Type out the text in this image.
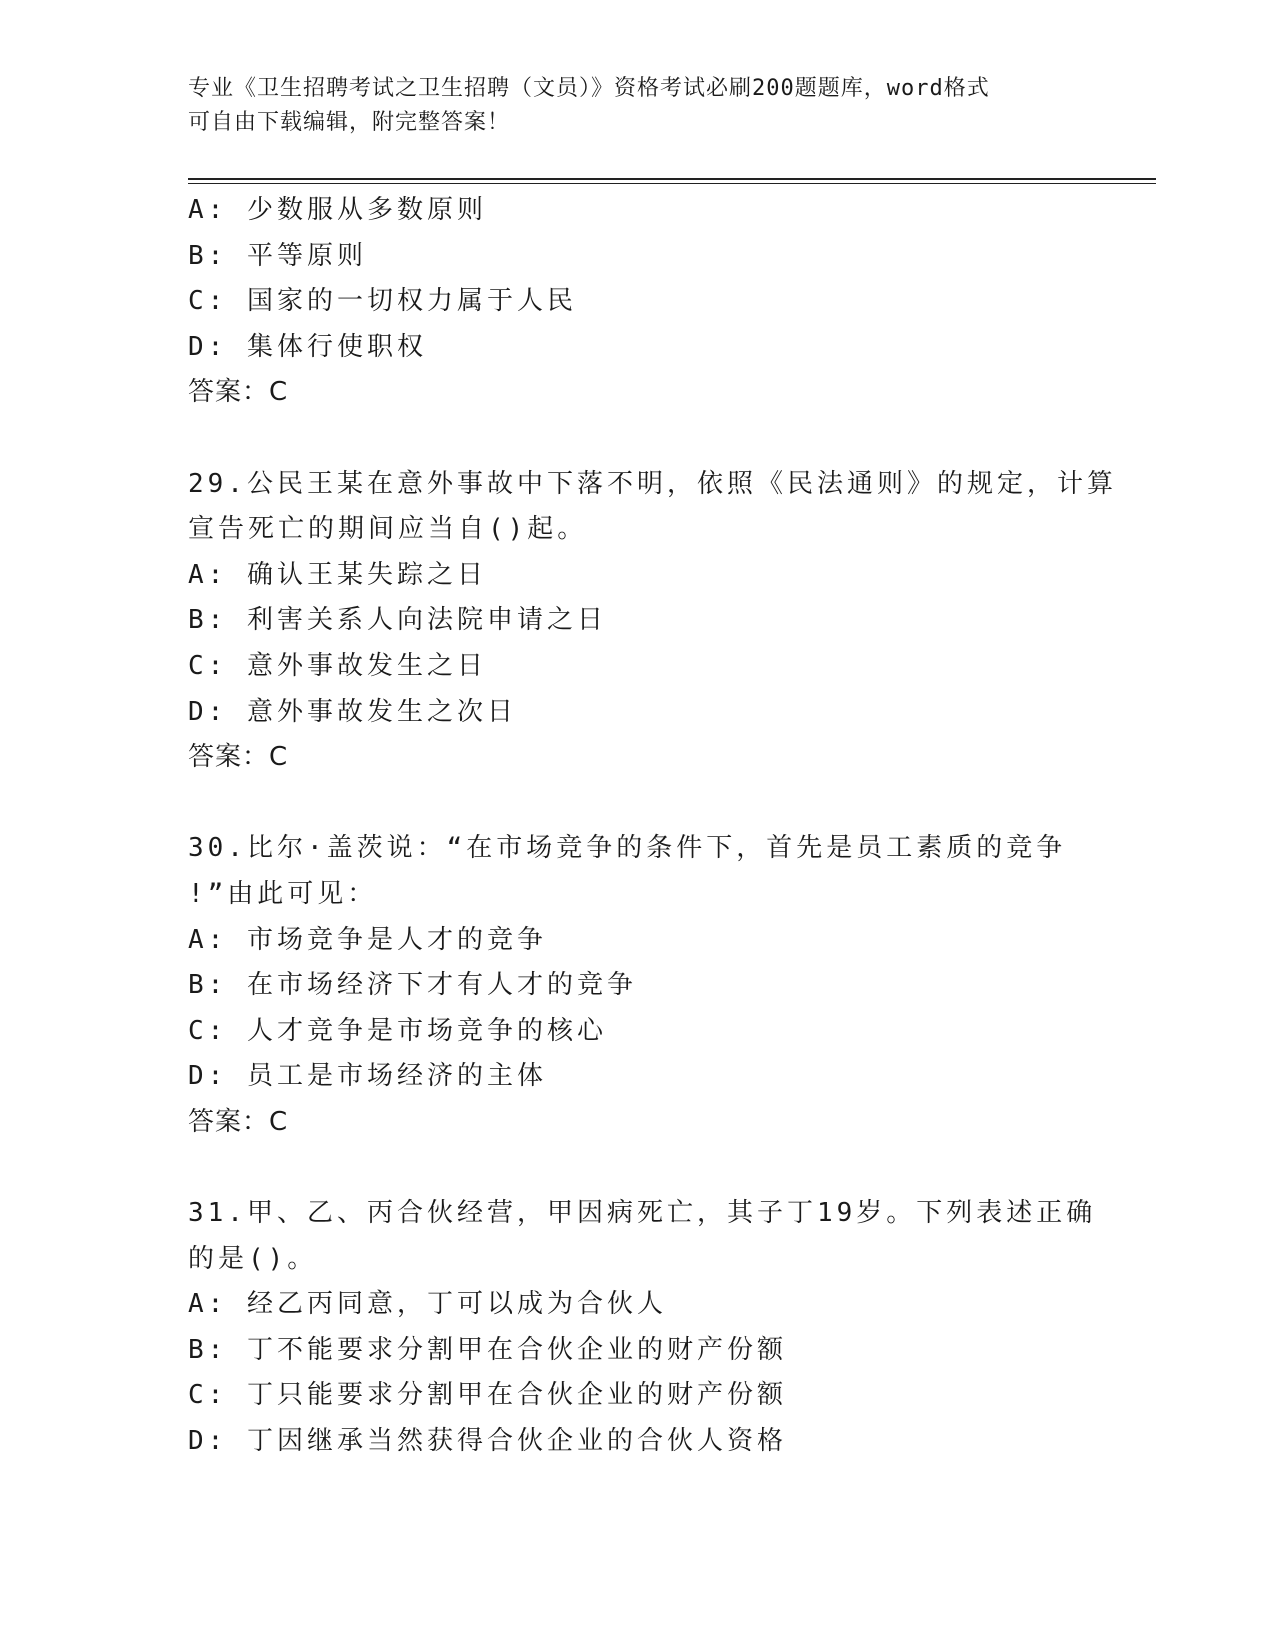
专业《卫生招聘考试之卫生招聘（文员）》资格考试必刷200题题库，word格式
可自由下载编辑，附完整答案！
A: 少数服从多数原则
B: 平等原则
C: 国家的一切权力属于人民
D: 集体行使职权
答案：C
29.公民王某在意外事故中下落不明，依照《民法通则》的规定，计算
宣告死亡的期间应当自()起。
A: 确认王某失踪之日
B: 利害关系人向法院申请之日
C: 意外事故发生之日
D: 意外事故发生之次日
答案：C
30.比尔·盖茨说：“在市场竞争的条件下，首先是员工素质的竞争
!”由此可见：
A: 市场竞争是人才的竞争
B: 在市场经济下才有人才的竞争
C: 人才竞争是市场竞争的核心
D: 员工是市场经济的主体
答案：C
31.甲、乙、丙合伙经营，甲因病死亡，其子丁19岁。下列表述正确
的是()。
A: 经乙丙同意，丁可以成为合伙人
B: 丁不能要求分割甲在合伙企业的财产份额
C: 丁只能要求分割甲在合伙企业的财产份额
D: 丁因继承当然获得合伙企业的合伙人资格
